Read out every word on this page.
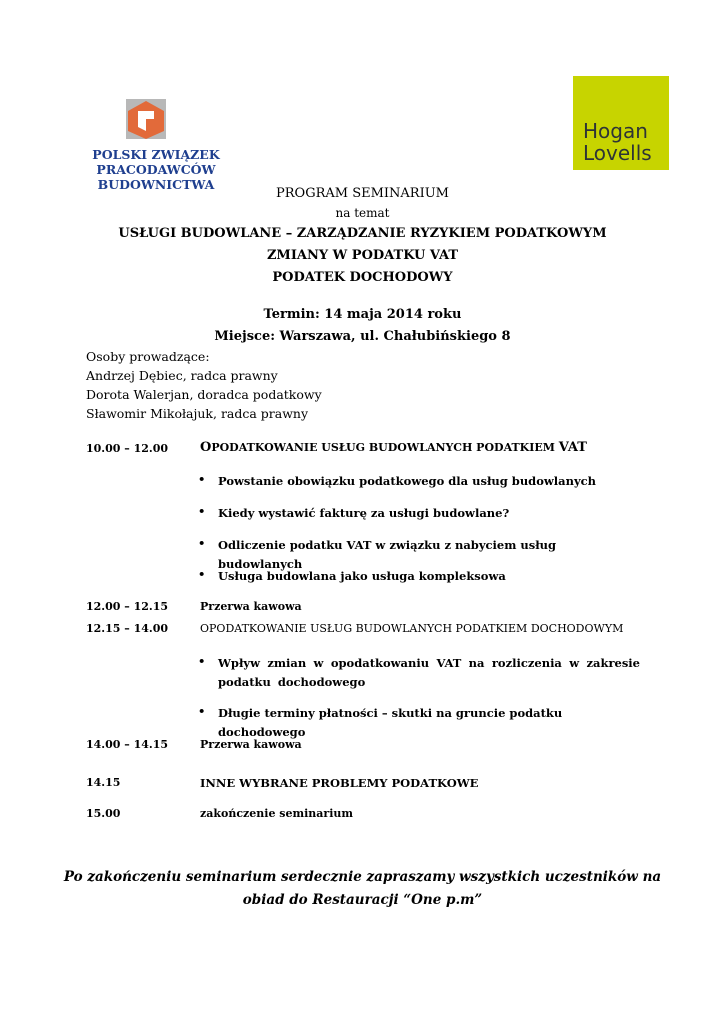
POLSKI ZWIĄZEK
PRACODAWCÓW BUDOWNICTWA
Hogan
Lovells
PROGRAM SEMINARIUM
na temat
USŁUGI BUDOWLANE – ZARZĄDZANIE RYZYKIEM PODATKOWYM
ZMIANY W PODATKU VAT
PODATEK DOCHODOWY
Termin: 14 maja 2014 roku
Miejsce: Warszawa, ul. Chałubińskiego 8
Osoby prowadzące:
Andrzej Dębiec, radca prawny
Dorota Walerjan, doradca podatkowy
Sławomir Mikołajuk, radca prawny
10.00 – 12.00 OPODATKOWANIE USŁUG BUDOWLANYCH PODATKIEM VAT
• Powstanie obowiązku podatkowego dla usług budowlanych
• Kiedy wystawić fakturę za usługi budowlane?
• Odliczenie podatku VAT w związku z nabyciem usług budowlanych
• Usługa budowlana jako usługa kompleksowa
12.00 – 12.15	Przerwa kawowa
12.15 – 14.00	OPODATKOWANIE USŁUG BUDOWLANYCH PODATKIEM DOCHODOWYM
• Wpływ zmian w opodatkowaniu VAT na rozliczenia w zakresie podatku dochodowego
• Długie terminy płatności – skutki na gruncie podatku dochodowego
14.00 – 14.15	Przerwa kawowa
14.15	INNE WYBRANE PROBLEMY PODATKOWE
15.00	zakończenie seminarium
Po zakończeniu seminarium serdecznie zapraszamy wszystkich uczestników na
obiad do Restauracji “One p.m”
